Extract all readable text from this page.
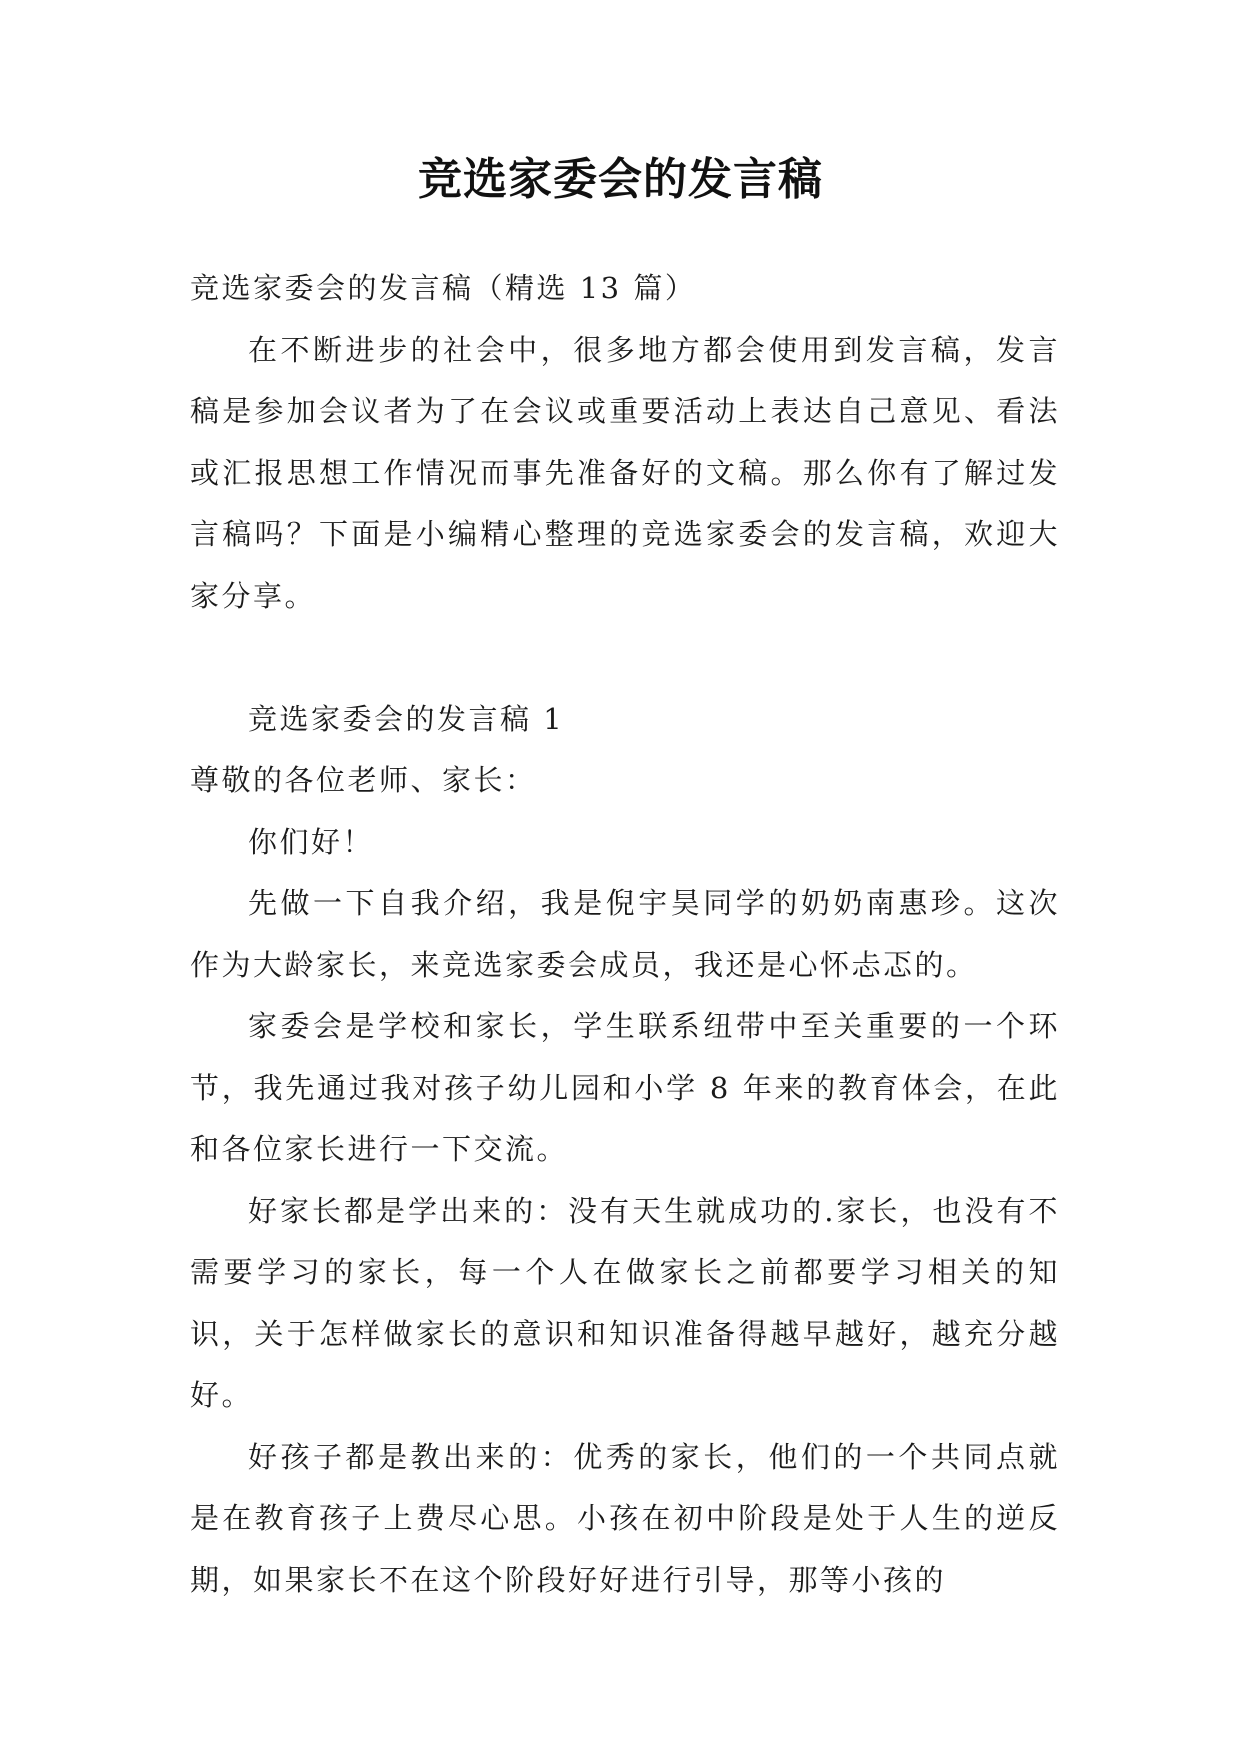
竞选家委会的发言稿

竞选家委会的发言稿（精选 13 篇）

在不断进步的社会中，很多地方都会使用到发言稿，发言稿是参加会议者为了在会议或重要活动上表达自己意见、看法或汇报思想工作情况而事先准备好的文稿。那么你有了解过发言稿吗？下面是小编精心整理的竞选家委会的发言稿，欢迎大家分享。

竞选家委会的发言稿 1

尊敬的各位老师、家长：

你们好！

先做一下自我介绍，我是倪宇昊同学的奶奶南惠珍。这次作为大龄家长，来竞选家委会成员，我还是心怀忐忑的。

家委会是学校和家长，学生联系纽带中至关重要的一个环节，我先通过我对孩子幼儿园和小学 8 年来的教育体会，在此和各位家长进行一下交流。

好家长都是学出来的：没有天生就成功的.家长，也没有不需要学习的家长，每一个人在做家长之前都要学习相关的知识，关于怎样做家长的意识和知识准备得越早越好，越充分越好。

好孩子都是教出来的：优秀的家长，他们的一个共同点就是在教育孩子上费尽心思。小孩在初中阶段是处于人生的逆反期，如果家长不在这个阶段好好进行引导，那等小孩的
